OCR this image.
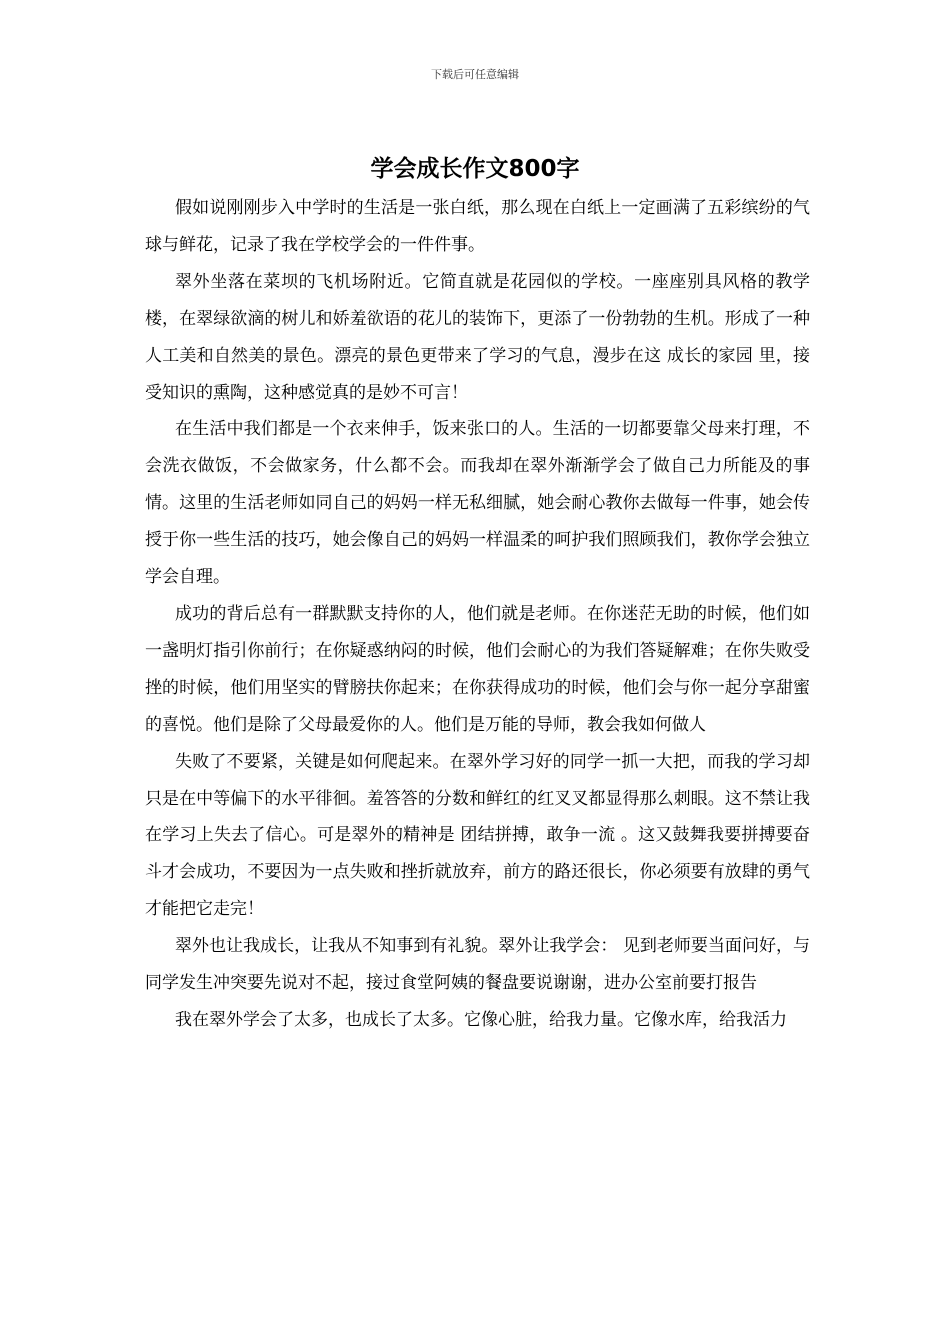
下载后可任意编辑
学会成长作文800字

假如说刚刚步入中学时的生活是一张白纸，那么现在白纸上一定画满了五彩缤纷的气球与鲜花，记录了我在学校学会的一件件事。

翠外坐落在菜坝的飞机场附近。它简直就是花园似的学校。一座座别具风格的教学楼，在翠绿欲滴的树儿和娇羞欲语的花儿的装饰下，更添了一份勃勃的生机。形成了一种人工美和自然美的景色。漂亮的景色更带来了学习的气息，漫步在这 成长的家园 里，接受知识的熏陶，这种感觉真的是妙不可言！

在生活中我们都是一个衣来伸手，饭来张口的人。生活的一切都要靠父母来打理，不会洗衣做饭，不会做家务，什么都不会。而我却在翠外渐渐学会了做自己力所能及的事情。这里的生活老师如同自己的妈妈一样无私细腻，她会耐心教你去做每一件事，她会传授于你一些生活的技巧，她会像自己的妈妈一样温柔的呵护我们照顾我们，教你学会独立学会自理。

成功的背后总有一群默默支持你的人，他们就是老师。在你迷茫无助的时候，他们如一盏明灯指引你前行；在你疑惑纳闷的时候，他们会耐心的为我们答疑解难；在你失败受挫的时候，他们用坚实的臂膀扶你起来；在你获得成功的时候，他们会与你一起分享甜蜜的喜悦。他们是除了父母最爱你的人。他们是万能的导师，教会我如何做人

失败了不要紧，关键是如何爬起来。在翠外学习好的同学一抓一大把，而我的学习却只是在中等偏下的水平徘徊。羞答答的分数和鲜红的红叉叉都显得那么刺眼。这不禁让我在学习上失去了信心。可是翠外的精神是 团结拼搏，敢争一流 。这又鼓舞我要拼搏要奋斗才会成功，不要因为一点失败和挫折就放弃，前方的路还很长，你必须要有放肆的勇气才能把它走完！

翠外也让我成长，让我从不知事到有礼貌。翠外让我学会： 见到老师要当面问好，与同学发生冲突要先说对不起，接过食堂阿姨的餐盘要说谢谢，进办公室前要打报告

我在翠外学会了太多，也成长了太多。它像心脏，给我力量。它像水库，给我活力
